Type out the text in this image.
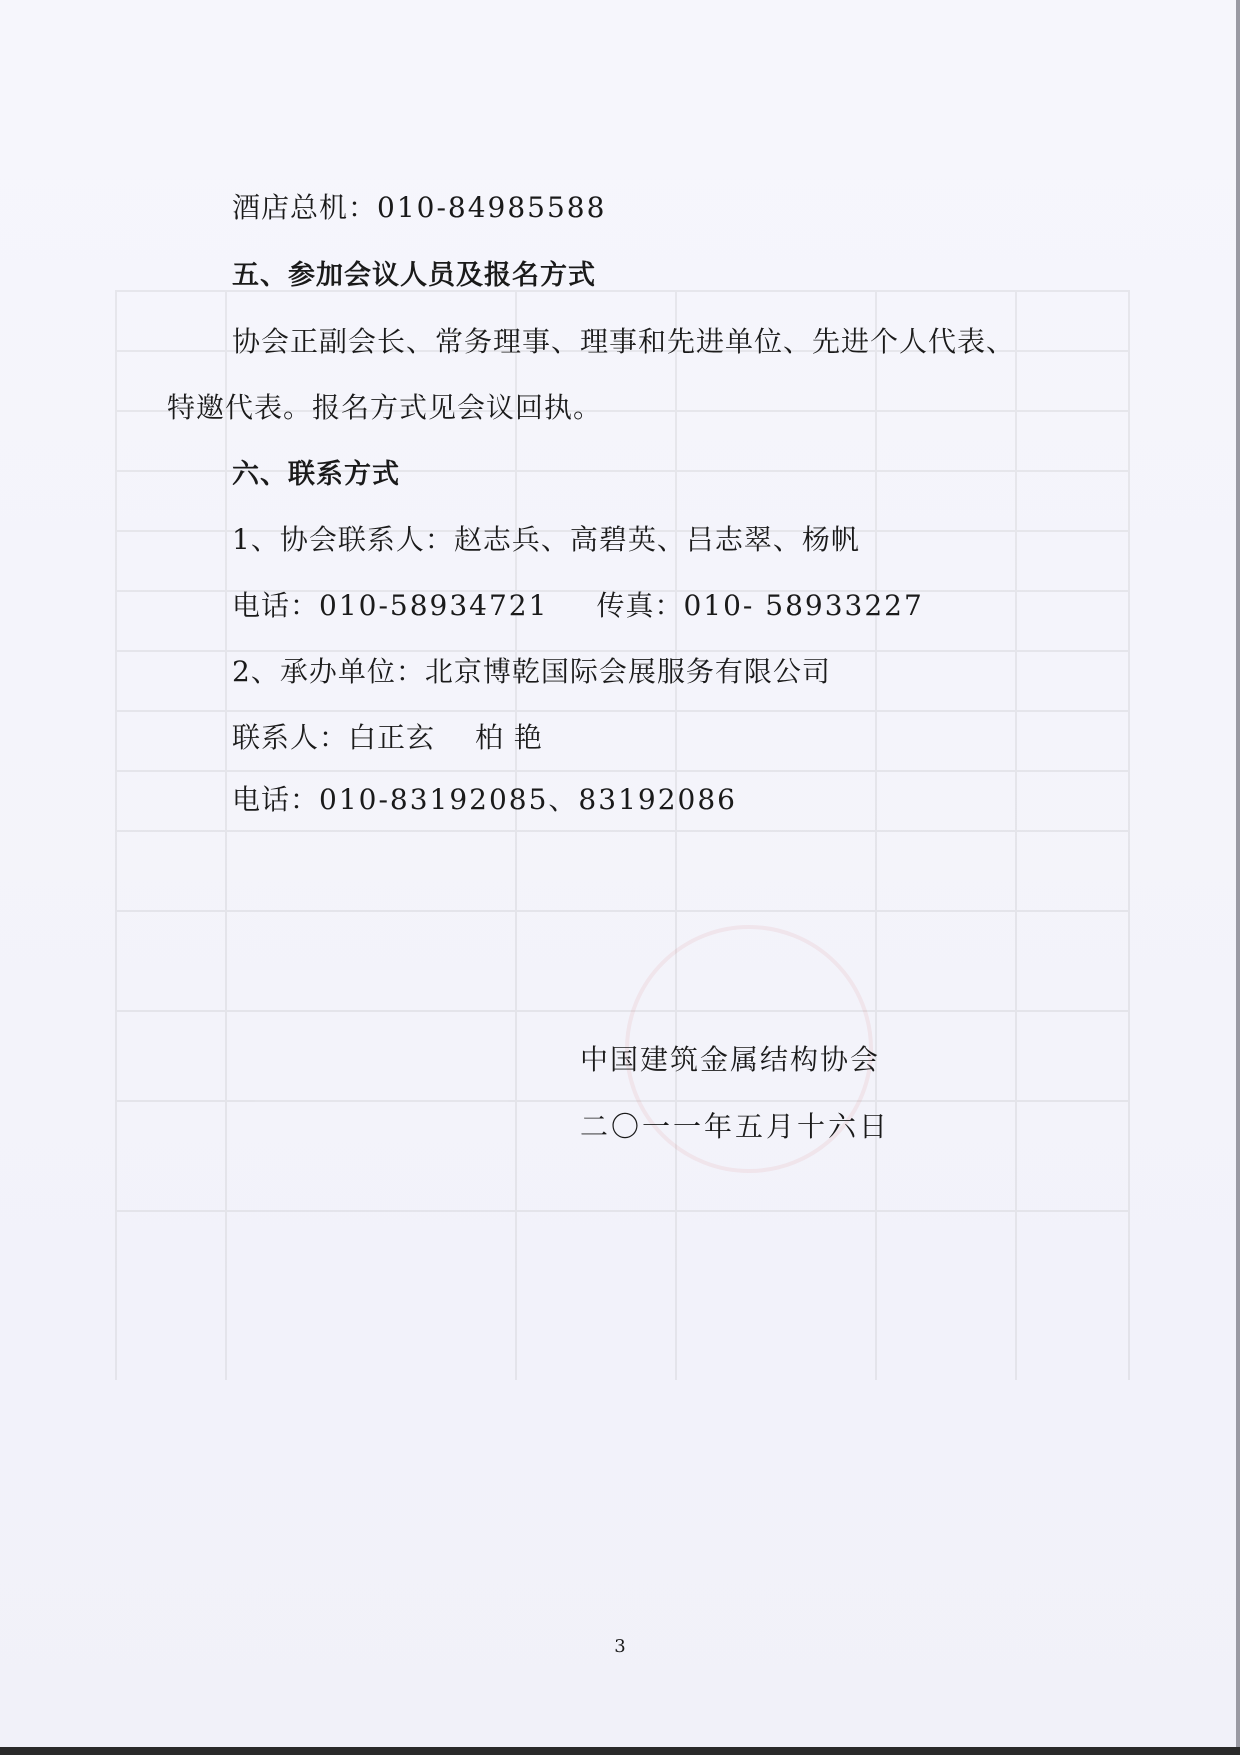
酒店总机：010-84985588
五、参加会议人员及报名方式
协会正副会长、常务理事、理事和先进单位、先进个人代表、
特邀代表。报名方式见会议回执。
六、联系方式
1、协会联系人：赵志兵、高碧英、吕志翠、杨帆
电话：010-58934721 传真：010- 58933227
2、承办单位：北京博乾国际会展服务有限公司
联系人：白正玄 柏 艳
电话：010-83192085、83192086
中国建筑金属结构协会
二〇一一年五月十六日
3
